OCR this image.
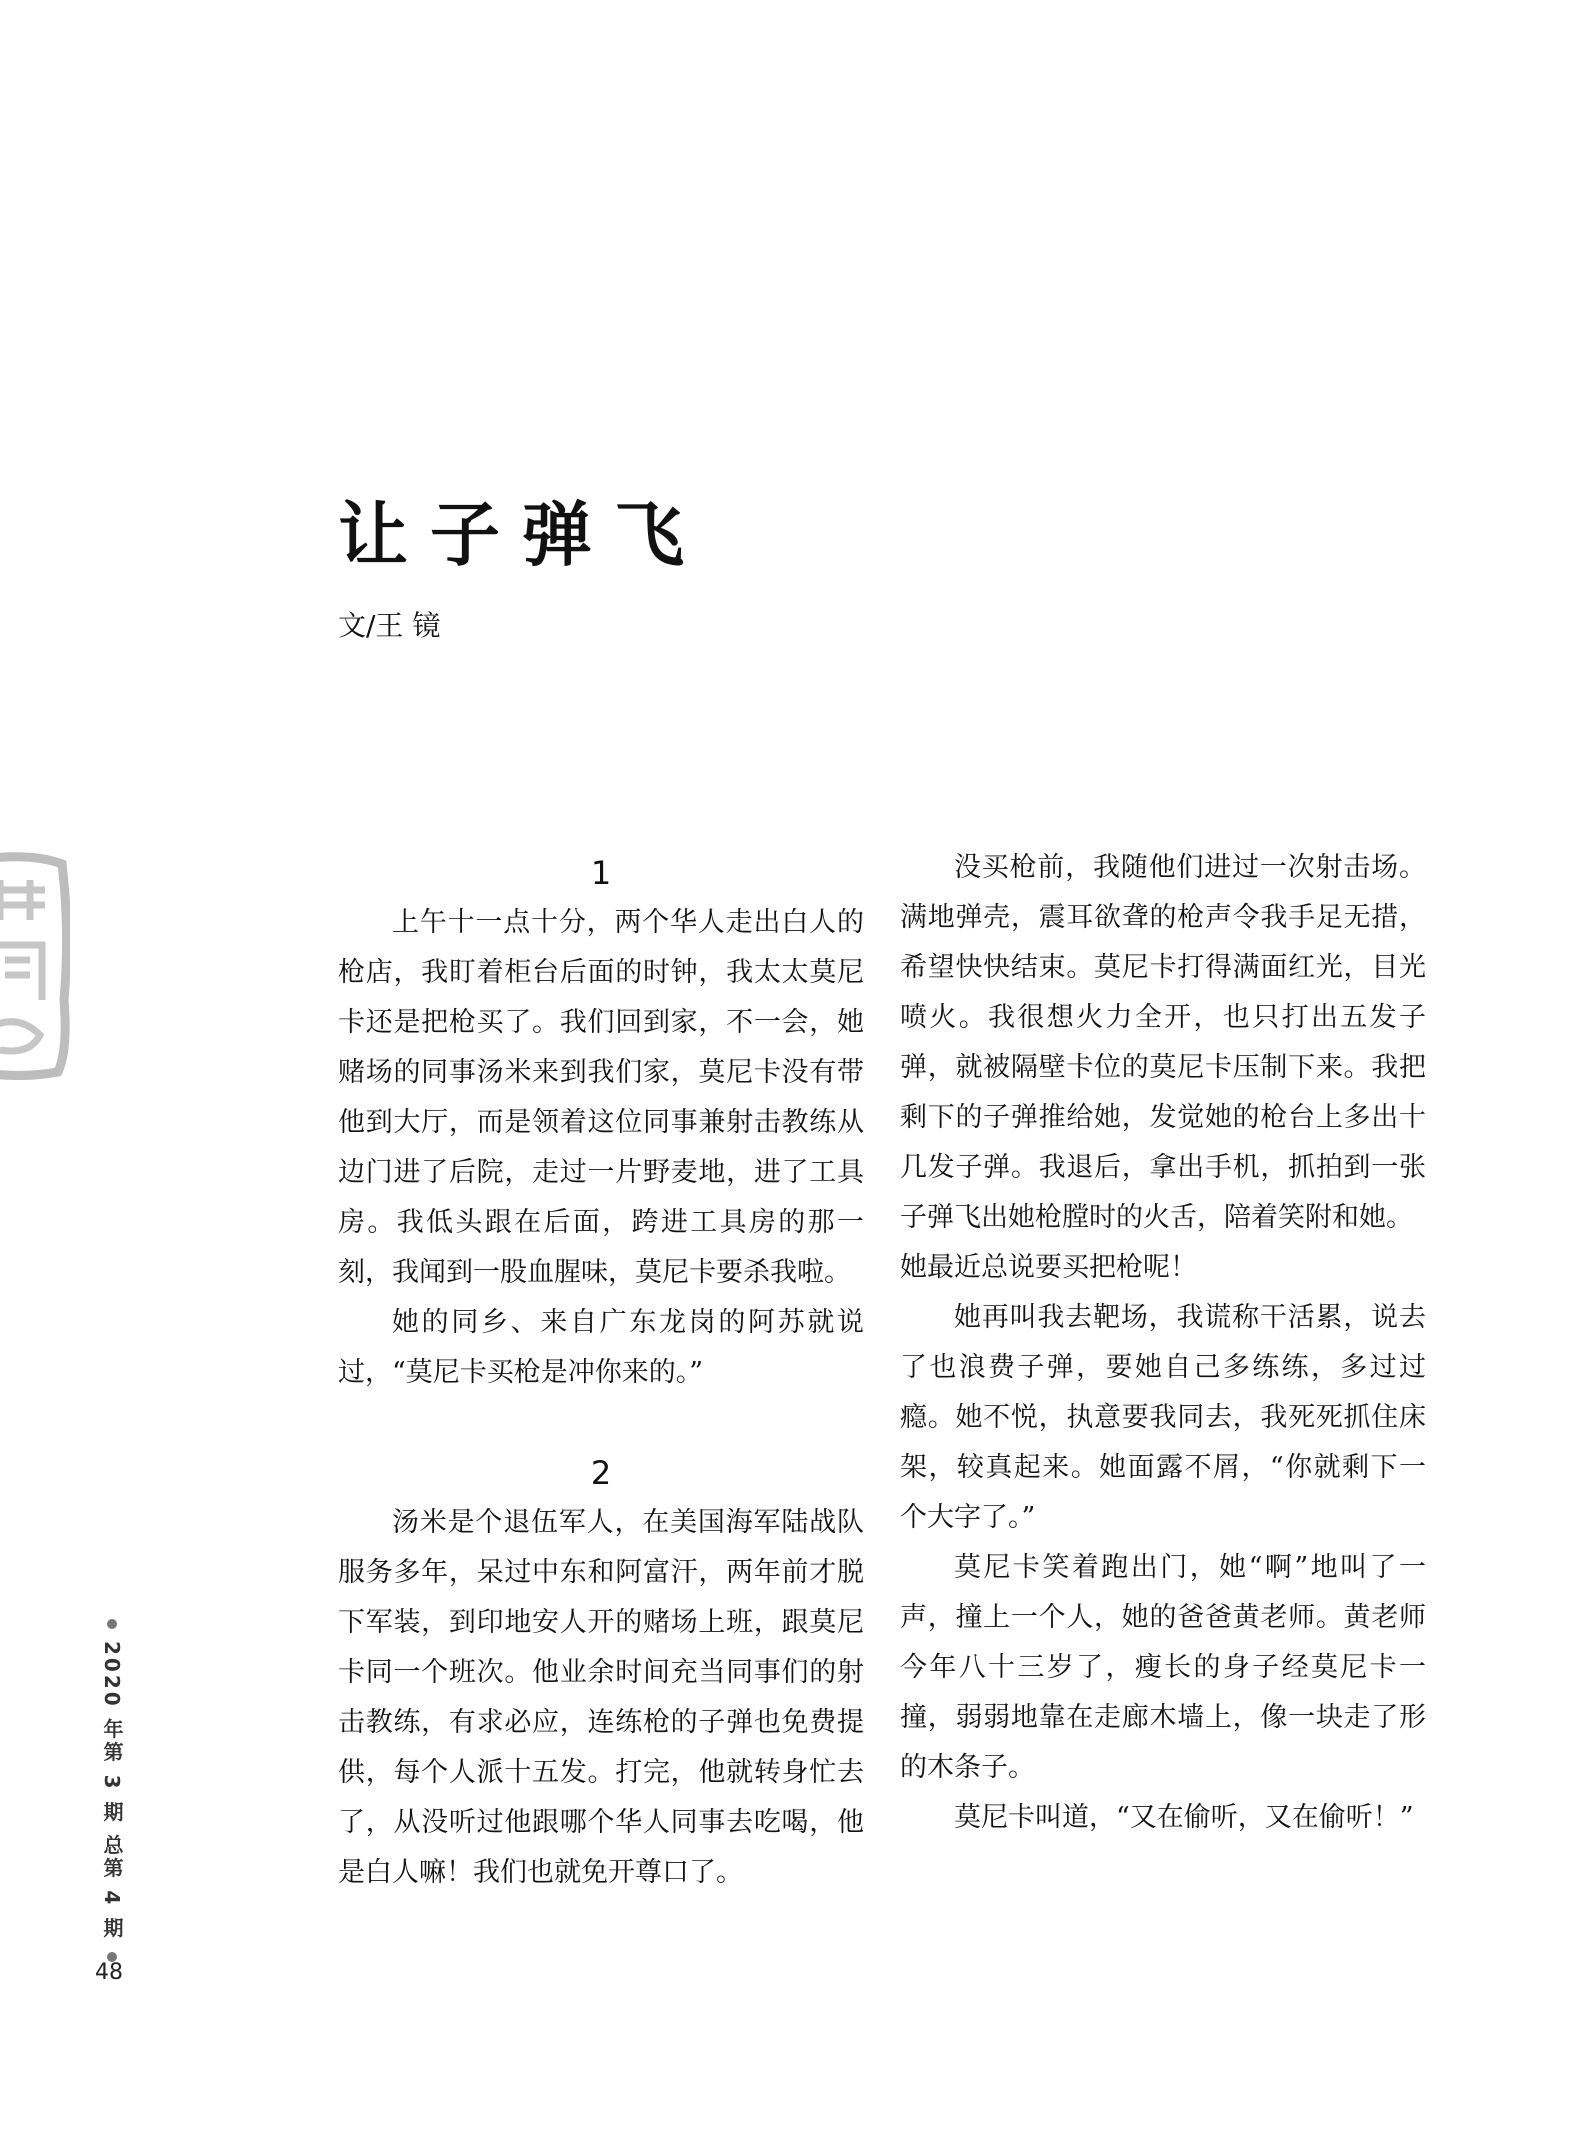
让子弹飞
文/王 镜
1

上午十一点十分，两个华人走出白人的枪店，我盯着柜台后面的时钟，我太太莫尼卡还是把枪买了。我们回到家，不一会，她赌场的同事汤米来到我们家，莫尼卡没有带他到大厅，而是领着这位同事兼射击教练从边门进了后院，走过一片野麦地，进了工具房。我低头跟在后面，跨进工具房的那一刻，我闻到一股血腥味，莫尼卡要杀我啦。

她的同乡、来自广东龙岗的阿苏就说过，“莫尼卡买枪是冲你来的。”

2

汤米是个退伍军人，在美国海军陆战队服务多年，呆过中东和阿富汗，两年前才脱下军装，到印地安人开的赌场上班，跟莫尼卡同一个班次。他业余时间充当同事们的射击教练，有求必应，连练枪的子弹也免费提供，每个人派十五发。打完，他就转身忙去了，从没听过他跟哪个华人同事去吃喝，他是白人嘛！我们也就免开尊口了。

没买枪前，我随他们进过一次射击场。满地弹壳，震耳欲聋的枪声令我手足无措，希望快快结束。莫尼卡打得满面红光，目光喷火。我很想火力全开，也只打出五发子弹，就被隔壁卡位的莫尼卡压制下来。我把剩下的子弹推给她，发觉她的枪台上多出十几发子弹。我退后，拿出手机，抓拍到一张子弹飞出她枪膛时的火舌，陪着笑附和她。

她最近总说要买把枪呢！

她再叫我去靶场，我谎称干活累，说去了也浪费子弹，要她自己多练练，多过过瘾。她不悦，执意要我同去，我死死抓住床架，较真起来。她面露不屑，“你就剩下一个大字了。”

莫尼卡笑着跑出门，她“啊”地叫了一声，撞上一个人，她的爸爸黄老师。黄老师今年八十三岁了，瘦长的身子经莫尼卡一撞，弱弱地靠在走廊木墙上，像一块走了形的木条子。

莫尼卡叫道，“又在偷听，又在偷听！”

2020 年第 3 期 总第 4 期
48
